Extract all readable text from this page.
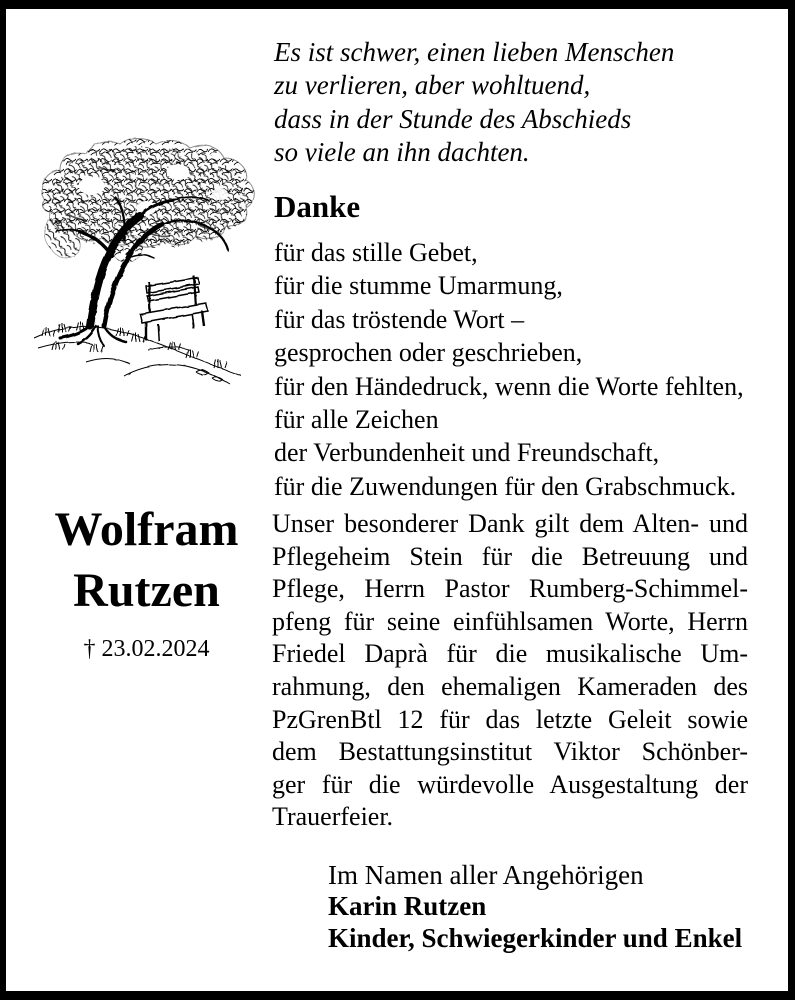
Es ist schwer, einen lieben Menschen
zu verlieren, aber wohltuend,
dass in der Stunde des Abschieds
so viele an ihn dachten.
Danke
für das stille Gebet,
für die stumme Umarmung,
für das tröstende Wort –
gesprochen oder geschrieben,
für den Händedruck, wenn die Worte fehlten,
für alle Zeichen
der Verbundenheit und Freundschaft,
für die Zuwendungen für den Grabschmuck.
Wolfram
Rutzen
† 23.02.2024
Unser besonderer Dank gilt dem Alten- und
Pflegeheim Stein für die Betreuung und
Pflege, Herrn Pastor Rumberg-Schimmel-
pfeng für seine einfühlsamen Worte, Herrn
Friedel Daprà für die musikalische Um-
rahmung, den ehemaligen Kameraden des
PzGrenBtl 12 für das letzte Geleit sowie
dem Bestattungsinstitut Viktor Schönber-
ger für die würdevolle Ausgestaltung der
Trauerfeier.
Im Namen aller Angehörigen
Karin Rutzen
Kinder, Schwiegerkinder und Enkel
